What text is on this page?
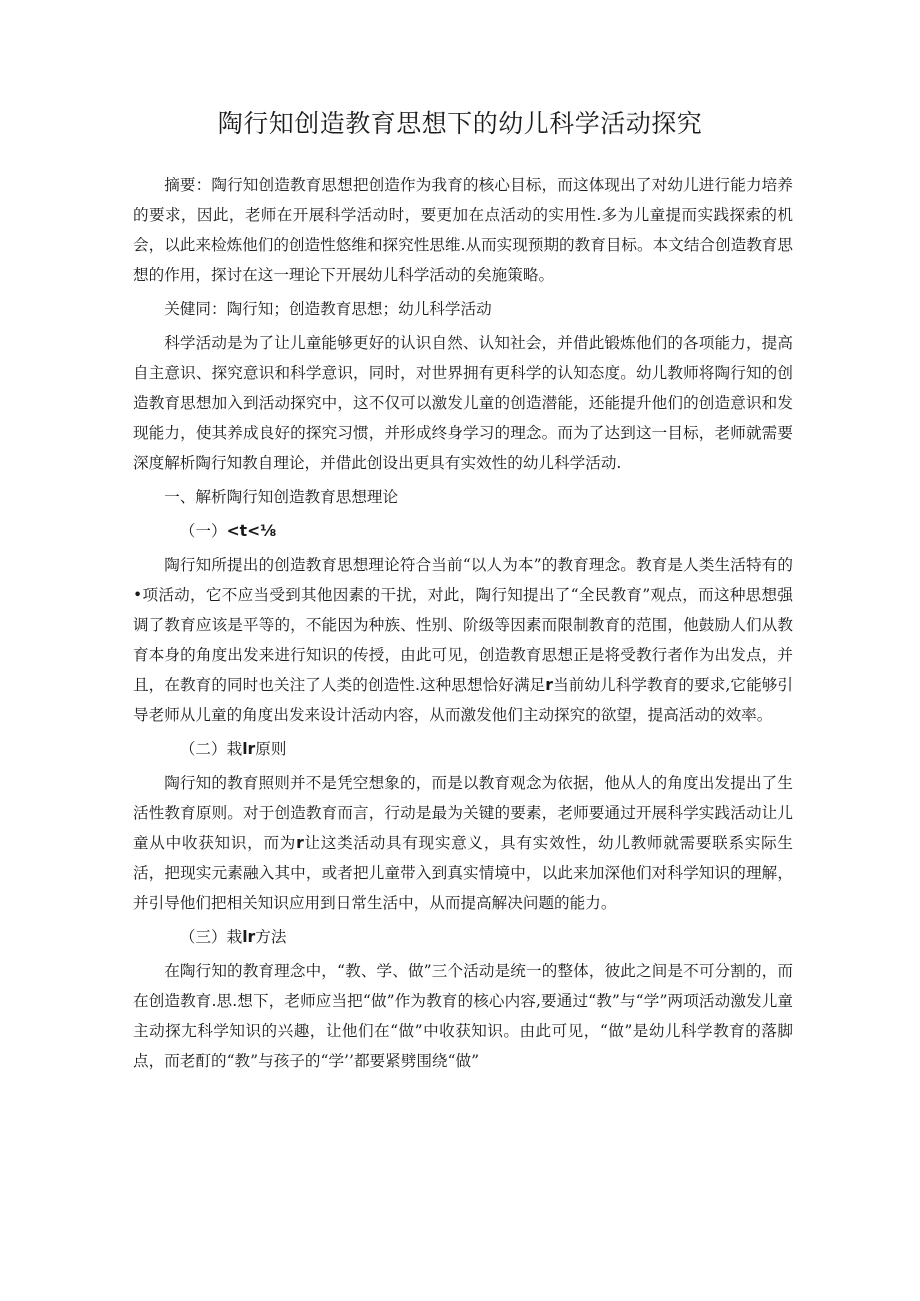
陶行知创造教育思想下的幼儿科学活动探究

摘要：陶行知创造教育思想把创造作为我育的核心目标，而这体现出了对幼儿进行能力培养的要求，因此，老师在开展科学活动时，要更加在点活动的实用性.多为儿童提而实践探索的机会，以此来检炼他们的创造性悠维和探究性思维.从而实现预期的教育目标。本文结合创造教育思想的作用，探讨在这一理论下开展幼儿科学活动的矣施策略。

关健同：陶行知；创造教育思想；幼儿科学活动

科学活动是为了让儿童能够更好的认识自然、认知社会，并借此锻炼他们的各项能力，提高自主意识、探究意识和科学意识，同时，对世界拥有更科学的认知态度。幼儿教师将陶行知的创造教育思想加入到活动探究中，这不仅可以激发儿童的创造潜能，还能提升他们的创造意识和发现能力，使其养成良好的探究习惯，并形成终身学习的理念。而为了达到这一目标，老师就需要深度解析陶行知教自理论，并借此创设出更具有实效性的幼儿科学活动.

一、解析陶行知创造教育思想理论

（一）<t<⅛

陶行知所提出的创造教育思想理论符合当前“以人为本”的教育理念。教育是人类生活特有的•项活动，它不应当受到其他因素的干扰，对此，陶行知提出了“全民教育”观点，而这种思想强调了教育应该是平等的，不能因为种族、性别、阶级等因素而限制教育的范围，他鼓励人们从教育本身的角度出发来进行知识的传授，由此可见，创造教育思想正是将受教行者作为出发点，并且，在教育的同时也关注了人类的创造性.这种思想恰好满足r当前幼儿科学教育的要求,它能够引导老师从儿童的角度出发来设计活动内容，从而激发他们主动探究的欲望，提高活动的效率。

（二）栽lr原则

陶行知的教育照则并不是凭空想象的，而是以教育观念为依据，他从人的角度出发提出了生活性教育原则。对于创造教育而言，行动是最为关键的要素，老师要通过开展科学实践活动让儿童从中收获知识，而为r让这类活动具有现实意义，具有实效性，幼儿教师就需要联系实际生活，把现实元素融入其中，或者把儿童带入到真实情境中，以此来加深他们对科学知识的理解，并引导他们把相关知识应用到日常生活中，从而提高解决问题的能力。

（三）栽lr方法

在陶行知的教育理念中，“教、学、做”三个活动是统一的整体，彼此之间是不可分割的，而在创造教育.思.想下，老师应当把“做”作为教育的核心内容,要通过“教”与“学”两项活动激发儿童主动探尢科学知识的兴趣，让他们在“做”中收获知识。由此可见，“做”是幼儿科学教育的落脚点，而老酊的“教”与孩子的“学’’都要紧劈围绕“做”
